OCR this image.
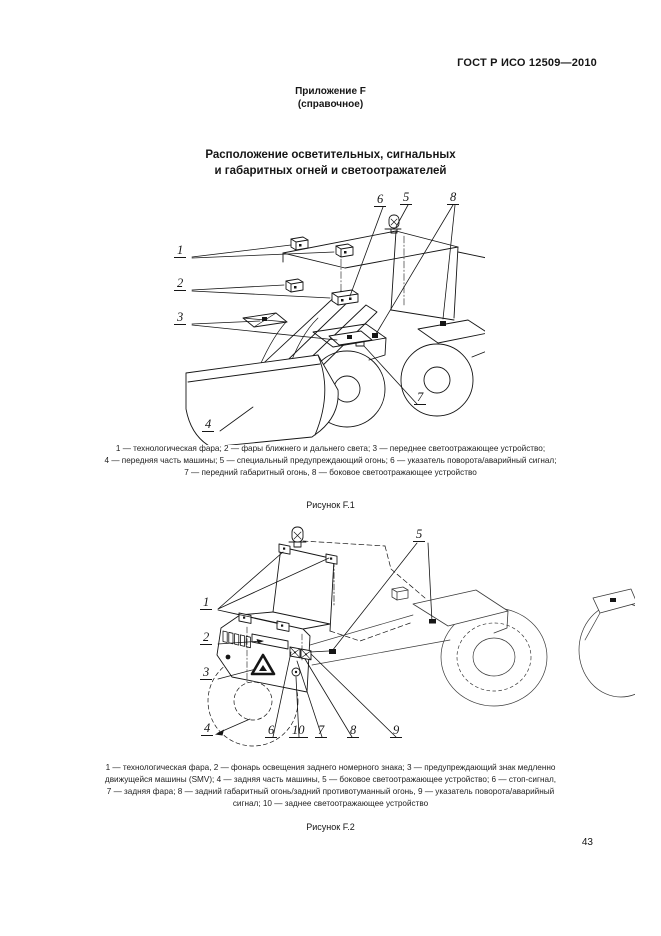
ГОСТ Р ИСО 12509—2010
Приложение F
(справочное)
Расположение осветительных, сигнальных
и габаритных огней и светоотражателей
1
2
3
4
6 5	8
7
1 — технологическая фара; 2 — фары ближнего и дальнего света; 3 — переднее светоотражающее устройство;
4 — передняя часть машины; 5 — специальный предупреждающий огонь; 6 — указатель поворота/аварийный сигнал;
7 — передний габаритный огонь, 8 — боковое светоотражающее устройство
Рисунок F.1
1
2
3
4
5
6 10 7 8	9
1 — технологическая фара, 2 — фонарь освещения заднего номерного знака; 3 — предупреждающий знак медленно
движущейся машины (SMV); 4 — задняя часть машины, 5 — боковое светоотражающее устройство; 6 — стоп-сигнал,
7 — задняя фара; 8 — задний габаритный огонь/задний противотуманный огонь, 9 — указатель поворота/аварийный
сигнал; 10 — заднее светоотражающее устройство
Рисунок F.2
43
